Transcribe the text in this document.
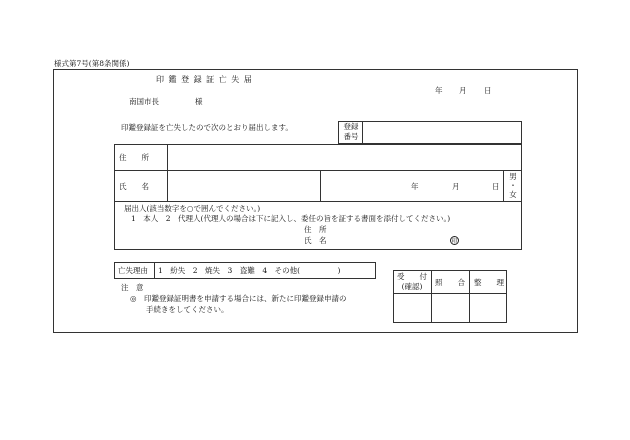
様式第7号(第8条関係)
印 鑑 登 録 証 亡 失 届
年 月 日
南国市長	様
印鑑登録証を亡失したので次のとおり届出します。	登録
番号
住　　所
氏　　名	年	月	日
男
・
女
届出人(該当数字を○で囲んでください。)
1　本人　2　代理人(代理人の場合は下に記入し、委任の旨を証する書面を添付してください。)
住　所
氏　名	印
亡失理由 1　紛失　2　焼失　3　盗難　4　その他(　　　　　)
注　意
◎　印鑑登録証明書を申請する場合には、新たに印鑑登録申請の
手続きをしてください。
受　　付
(確認)	照　　合 整　　理
